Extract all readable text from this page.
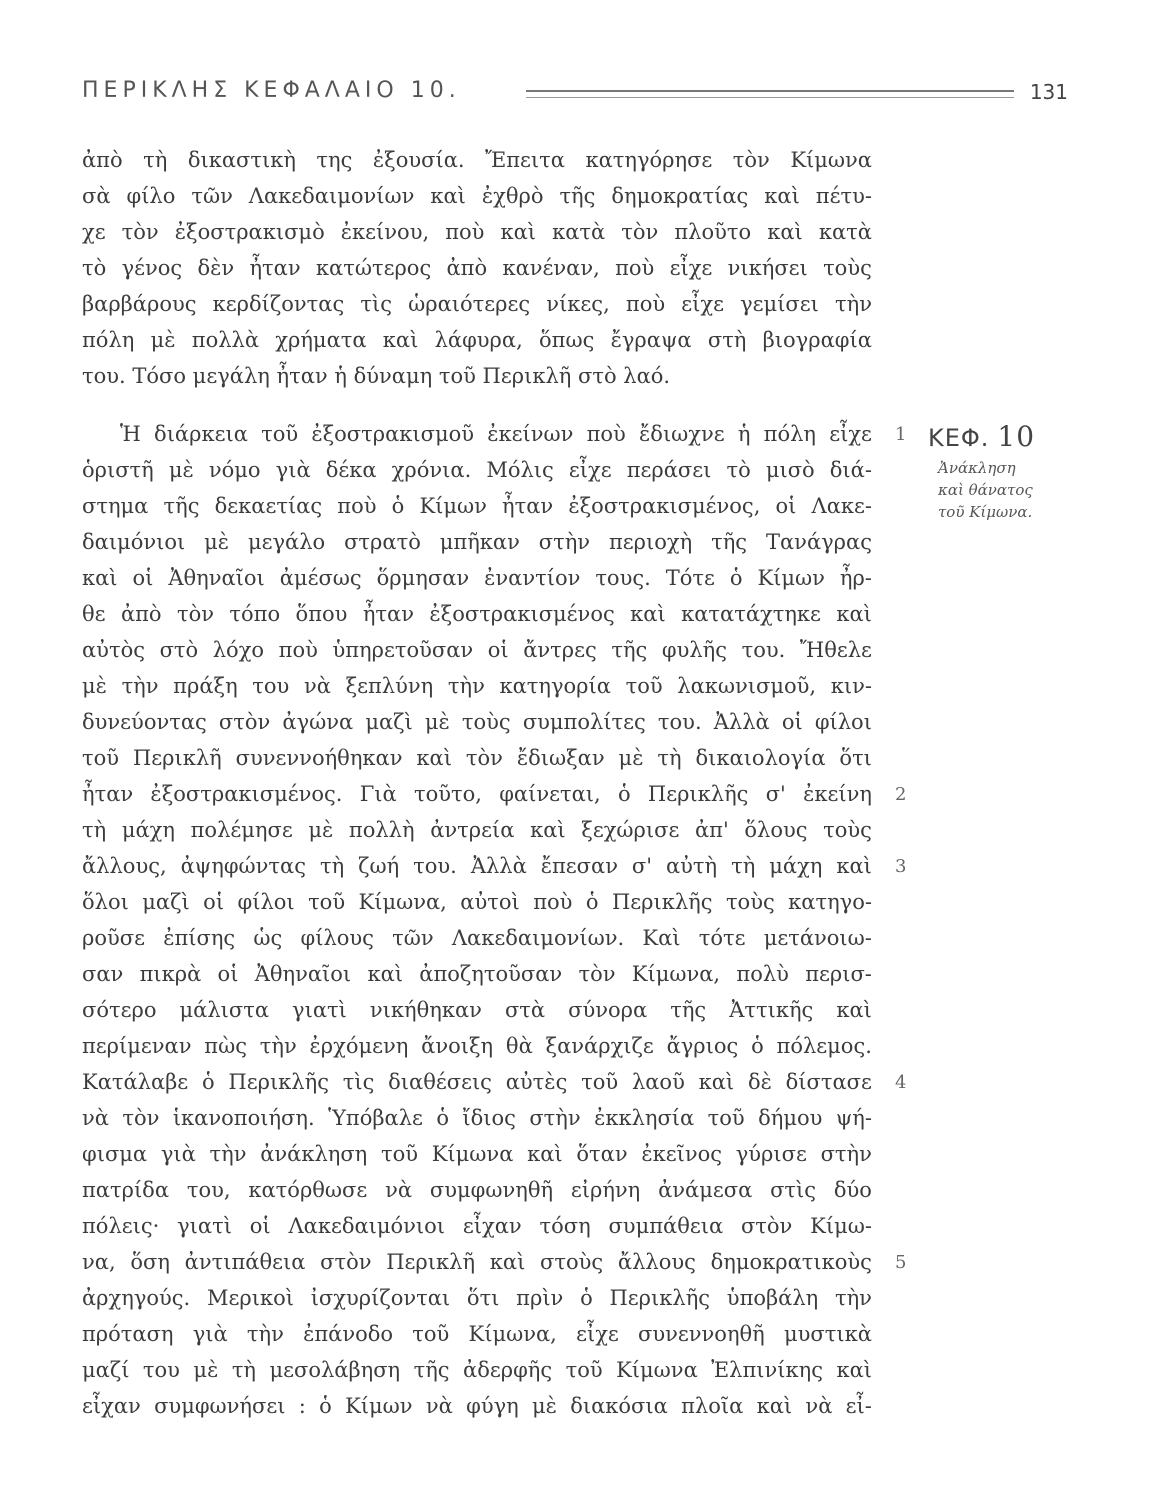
ΠΕΡΙΚΛΗΣ ΚΕΦΑΛΑΙΟ 10.	131
ἀπὸ τὴ δικαστικὴ της ἐξουσία. Ἔπειτα κατηγόρησε τὸν Κίμωνα
σὰ φίλο τῶν Λακεδαιμονίων καὶ ἐχθρὸ τῆς δημοκρατίας καὶ πέτυ-
χε τὸν ἐξοστρακισμὸ ἐκείνου, ποὺ καὶ κατὰ τὸν πλοῦτο καὶ κατὰ
τὸ γένος δὲν ἦταν κατώτερος ἀπὸ κανέναν, ποὺ εἶχε νικήσει τοὺς
βαρβάρους κερδίζοντας τὶς ὡραιότερες νίκες, ποὺ εἶχε γεμίσει τὴν
πόλη μὲ πολλὰ χρήματα καὶ λάφυρα, ὅπως ἔγραψα στὴ βιογραφία
του. Τόσο μεγάλη ἦταν ἡ δύναμη τοῦ Περικλῆ στὸ λαό.
Ἡ διάρκεια τοῦ ἐξοστρακισμοῦ ἐκείνων ποὺ ἔδιωχνε ἡ πόλη εἶχε
ὁριστῆ μὲ νόμο γιὰ δέκα χρόνια. Μόλις εἶχε περάσει τὸ μισὸ διά-
στημα τῆς δεκαετίας ποὺ ὁ Κίμων ἦταν ἐξοστρακισμένος, οἱ Λακε-
δαιμόνιοι μὲ μεγάλο στρατὸ μπῆκαν στὴν περιοχὴ τῆς Τανάγρας
καὶ οἱ Ἀθηναῖοι ἀμέσως ὅρμησαν ἐναντίον τους. Τότε ὁ Κίμων ἦρ-
θε ἀπὸ τὸν τόπο ὅπου ἦταν ἐξοστρακισμένος καὶ κατατάχτηκε καὶ
αὐτὸς στὸ λόχο ποὺ ὑπηρετοῦσαν οἱ ἄντρες τῆς φυλῆς του. Ἤθελε
μὲ τὴν πράξη του νὰ ξεπλύνη τὴν κατηγορία τοῦ λακωνισμοῦ, κιν-
δυνεύοντας στὸν ἀγώνα μαζὶ μὲ τοὺς συμπολίτες του. Ἀλλὰ οἱ φίλοι
τοῦ Περικλῆ συνεννοήθηκαν καὶ τὸν ἔδιωξαν μὲ τὴ δικαιολογία ὅτι
ἦταν ἐξοστρακισμένος. Γιὰ τοῦτο, φαίνεται, ὁ Περικλῆς σ' ἐκείνη
τὴ μάχη πολέμησε μὲ πολλὴ ἀντρεία καὶ ξεχώρισε ἀπ' ὅλους τοὺς
ἄλλους, ἀψηφώντας τὴ ζωή του. Ἀλλὰ ἔπεσαν σ' αὐτὴ τὴ μάχη καὶ
ὅλοι μαζὶ οἱ φίλοι τοῦ Κίμωνα, αὐτοὶ ποὺ ὁ Περικλῆς τοὺς κατηγο-
ροῦσε ἐπίσης ὡς φίλους τῶν Λακεδαιμονίων. Καὶ τότε μετάνοιω-
σαν πικρὰ οἱ Ἀθηναῖοι καὶ ἀποζητοῦσαν τὸν Κίμωνα, πολὺ περισ-
σότερο μάλιστα γιατὶ νικήθηκαν στὰ σύνορα τῆς Ἀττικῆς καὶ
περίμεναν πὼς τὴν ἐρχόμενη ἄνοιξη θὰ ξανάρχιζε ἄγριος ὁ πόλεμος.
Κατάλαβε ὁ Περικλῆς τὶς διαθέσεις αὐτὲς τοῦ λαοῦ καὶ δὲ δίστασε
νὰ τὸν ἱκανοποιήση. Ὑπόβαλε ὁ ἴδιος στὴν ἐκκλησία τοῦ δήμου ψή-
φισμα γιὰ τὴν ἀνάκληση τοῦ Κίμωνα καὶ ὅταν ἐκεῖνος γύρισε στὴν
πατρίδα του, κατόρθωσε νὰ συμφωνηθῆ εἰρήνη ἀνάμεσα στὶς δύο
πόλεις· γιατὶ οἱ Λακεδαιμόνιοι εἶχαν τόση συμπάθεια στὸν Κίμω-
να, ὅση ἀντιπάθεια στὸν Περικλῆ καὶ στοὺς ἄλλους δημοκρατικοὺς
ἀρχηγούς. Μερικοὶ ἰσχυρίζονται ὅτι πρὶν ὁ Περικλῆς ὑποβάλη τὴν
πρόταση γιὰ τὴν ἐπάνοδο τοῦ Κίμωνα, εἶχε συνεννοηθῆ μυστικὰ
μαζί του μὲ τὴ μεσολάβηση τῆς ἀδερφῆς τοῦ Κίμωνα Ἐλπινίκης καὶ
εἶχαν συμφωνήσει : ὁ Κίμων νὰ φύγη μὲ διακόσια πλοῖα καὶ νὰ εἶ-
1
2
3
4
5
ΚΕΦ. 10
Ἀνάκληση
καὶ θάνατος
τοῦ Κίμωνα.
